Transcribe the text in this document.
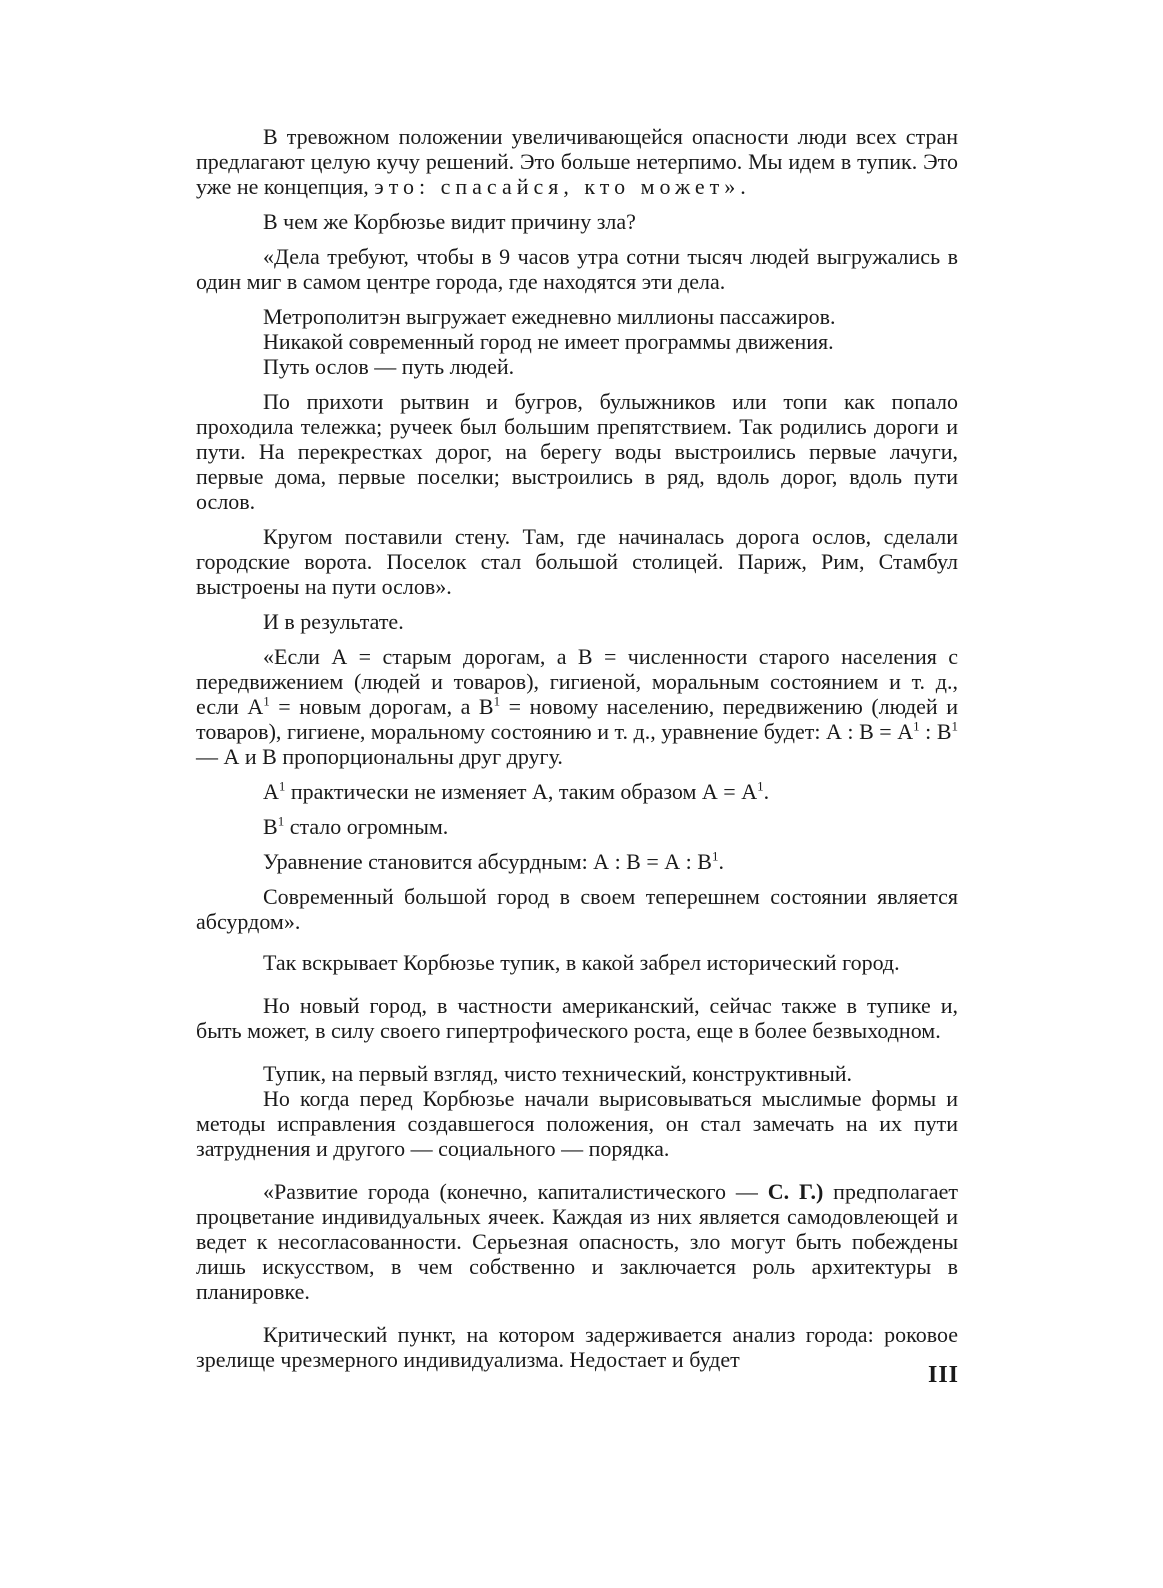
В тревожном положении увеличивающейся опасности люди всех стран предлагают целую кучу решений. Это больше нетерпимо. Мы идем в тупик. Это уже не концепция, это: спасайся, кто может».

В чем же Корбюзье видит причину зла?

«Дела требуют, чтобы в 9 часов утра сотни тысяч людей выгружались в один миг в самом центре города, где находятся эти дела.

Метрополитэн выгружает ежедневно миллионы пассажиров.

Никакой современный город не имеет программы движения.

Путь ослов — путь людей.

По прихоти рытвин и бугров, булыжников или топи как попало проходила тележка; ручеек был большим препятствием. Так родились дороги и пути. На перекрестках дорог, на берегу воды выстроились первые лачуги, первые дома, первые поселки; выстроились в ряд, вдоль дорог, вдоль пути ослов.

Кругом поставили стену. Там, где начиналась дорога ослов, сделали городские ворота. Поселок стал большой столицей. Париж, Рим, Стамбул выстроены на пути ослов».

И в результате.

«Если А = старым дорогам, а В = численности старого населения с передвижением (людей и товаров), гигиеной, моральным состоянием и т. д., если $А^1$ = новым дорогам, а $В^1$ = новому населению, передвижению (людей и товаров), гигиене, моральному состоянию и т. д., уравнение будет: А : $В = А^1$ : $В^1$ — А и В пропорциональны друг другу.

$А^1$ практически не изменяет А, таким образом $А = А^1$.

$В^1$ стало огромным.

Уравнение становится абсурдным: А : В = А : $В^1$.

Современный большой город в своем теперешнем состоянии является абсурдом».

Так вскрывает Корбюзье тупик, в какой забрел исторический город.

Но новый город, в частности американский, сейчас также в тупике и, быть может, в силу своего гипертрофического роста, еще в более безвыходном.

Тупик, на первый взгляд, чисто технический, конструктивный.

Но когда перед Корбюзье начали вырисовываться мыслимые формы и методы исправления создавшегося положения, он стал замечать на их пути затруднения и другого — социального — порядка.

«Развитие города (конечно, капиталистического — С. Г.) предполагает процветание индивидуальных ячеек. Каждая из них является самодовлеющей и ведет к несогласованности. Серьезная опасность, зло могут быть побеждены лишь искусством, в чем собственно и заключается роль архитектуры в планировке.

Критический пункт, на котором задерживается анализ города: роковое зрелище чрезмерного индивидуализма. Недостает и будет

III
